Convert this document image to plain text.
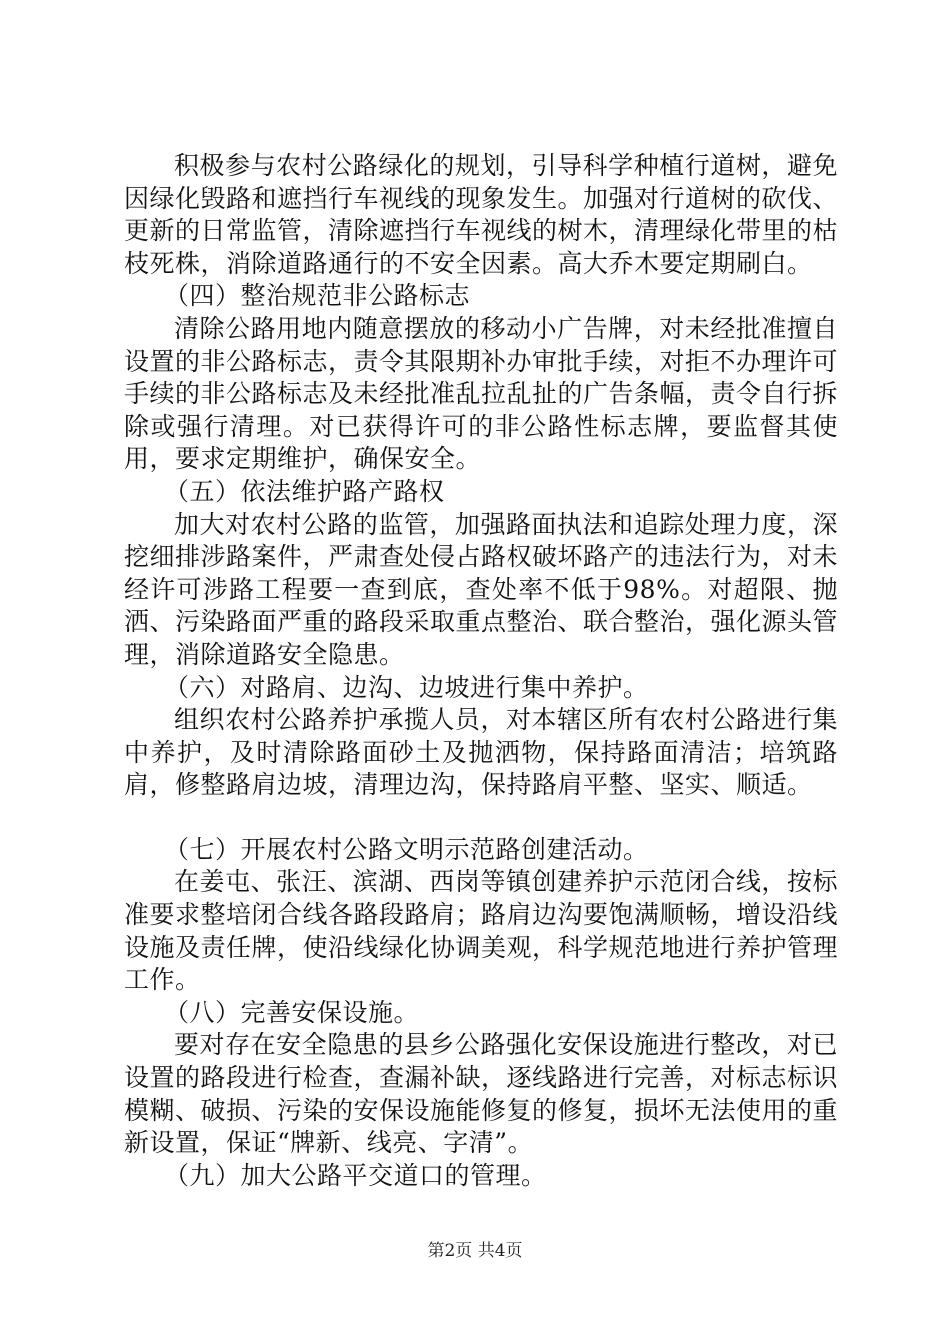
积极参与农村公路绿化的规划，引导科学种植行道树，避免因绿化毁路和遮挡行车视线的现象发生。加强对行道树的砍伐、更新的日常监管，清除遮挡行车视线的树木，清理绿化带里的枯枝死株，消除道路通行的不安全因素。高大乔木要定期刷白。

（四）整治规范非公路标志

清除公路用地内随意摆放的移动小广告牌，对未经批准擅自设置的非公路标志，责令其限期补办审批手续，对拒不办理许可手续的非公路标志及未经批准乱拉乱扯的广告条幅，责令自行拆除或强行清理。对已获得许可的非公路性标志牌，要监督其使用，要求定期维护，确保安全。

（五）依法维护路产路权

加大对农村公路的监管，加强路面执法和追踪处理力度，深挖细排涉路案件，严肃查处侵占路权破坏路产的违法行为，对未经许可涉路工程要一查到底，查处率不低于98%。对超限、抛洒、污染路面严重的路段采取重点整治、联合整治，强化源头管理，消除道路安全隐患。

（六）对路肩、边沟、边坡进行集中养护。

组织农村公路养护承揽人员，对本辖区所有农村公路进行集中养护，及时清除路面砂土及抛洒物，保持路面清洁；培筑路肩，修整路肩边坡，清理边沟，保持路肩平整、坚实、顺适。

（七）开展农村公路文明示范路创建活动。

在姜屯、张汪、滨湖、西岗等镇创建养护示范闭合线，按标准要求整培闭合线各路段路肩；路肩边沟要饱满顺畅，增设沿线设施及责任牌，使沿线绿化协调美观，科学规范地进行养护管理工作。

（八）完善安保设施。

要对存在安全隐患的县乡公路强化安保设施进行整改，对已设置的路段进行检查，查漏补缺，逐线路进行完善，对标志标识模糊、破损、污染的安保设施能修复的修复，损坏无法使用的重新设置，保证“牌新、线亮、字清”。

（九）加大公路平交道口的管理。

第2页 共4页
